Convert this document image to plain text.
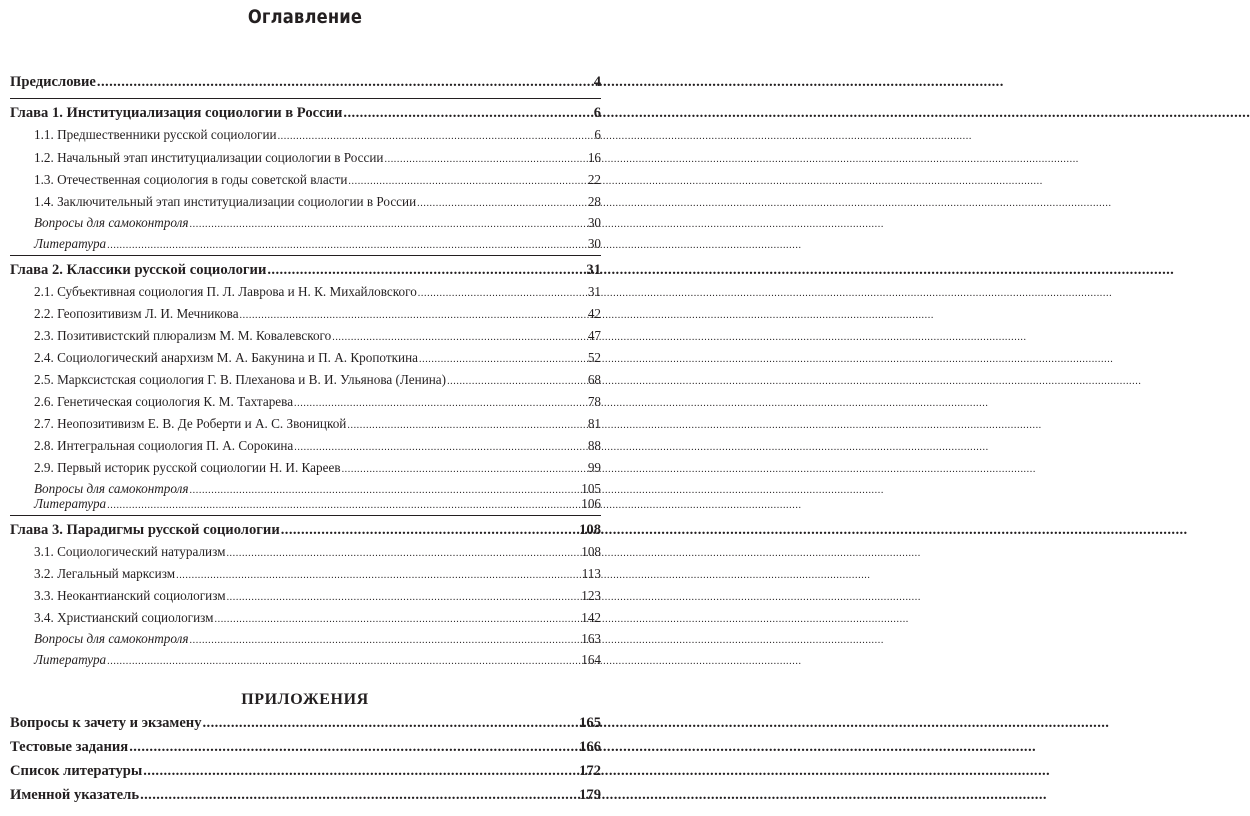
Оглавление
Предисловие .....	4
Глава 1. Институциализация социологии в России .....	6
1.1. Предшественники русской социологии .....	6
1.2. Начальный этап институциализации социологии в России .....	16
1.3. Отечественная социология в годы советской власти .....	22
1.4. Заключительный этап институциализации социологии в России .....	28
Вопросы для самоконтроля .....	30
Литература .....	30
Глава 2. Классики русской социологии .....	31
2.1. Субъективная социология П. Л. Лаврова и Н. К. Михайловского .....	31
2.2. Геопозитивизм Л. И. Мечникова .....	42
2.3. Позитивистский плюрализм М. М. Ковалевского .....	47
2.4. Социологический анархизм М. А. Бакунина и П. А. Кропоткина .....	52
2.5. Марксистская социология Г. В. Плеханова и В. И. Ульянова (Ленина) .....	68
2.6. Генетическая социология К. М. Тахтарева .....	78
2.7. Неопозитивизм Е. В. Де Роберти и А. С. Звоницкой .....	81
2.8. Интегральная социология П. А. Сорокина .....	88
2.9. Первый историк русской социологии Н. И. Кареев .....	99
Вопросы для самоконтроля .....	105
Литература .....	106
Глава 3. Парадигмы русской социологии .....	108
3.1. Социологический натурализм .....	108
3.2. Легальный марксизм .....	113
3.3. Неокантианский социологизм .....	123
3.4. Христианский социологизм .....	142
Вопросы для самоконтроля .....	163
Литература .....	164
Вопросы к зачету и экзамену .....	165
Тестовые задания .....	166
Список литературы .....	172
Именной указатель .....	179
ПРИЛОЖЕНИЯ
